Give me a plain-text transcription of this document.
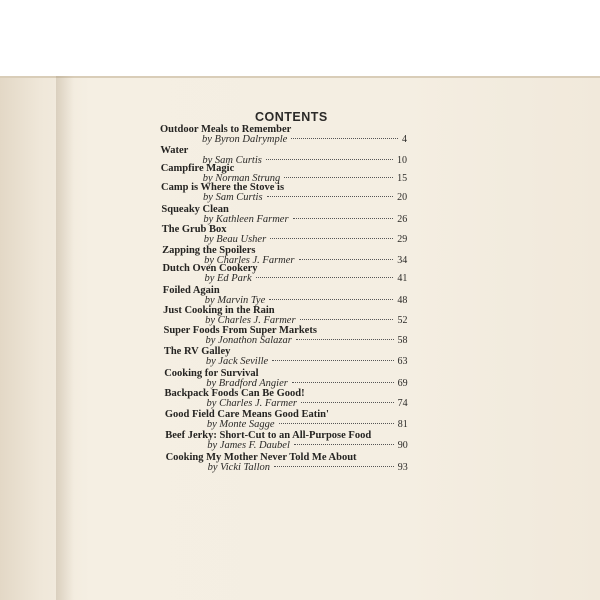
CONTENTS
Outdoor Meals to Remember
by Byron Dalrymple	4
Water
by Sam Curtis	10
Campfire Magic
by Norman Strung	15
Camp is Where the Stove is
by Sam Curtis	20
Squeaky Clean
by Kathleen Farmer	26
The Grub Box
by Beau Usher	29
Zapping the Spoilers
by Charles J. Farmer	34
Dutch Oven Cookery
by Ed Park	41
Foiled Again
by Marvin Tye	48
Just Cooking in the Rain
by Charles J. Farmer	52
Super Foods From Super Markets
by Jonathon Salazar	58
The RV Galley
by Jack Seville	63
Cooking for Survival
by Bradford Angier	69
Backpack Foods Can Be Good!
by Charles J. Farmer	74
Good Field Care Means Good Eatin'
by Monte Sagge	81
Beef Jerky: Short-Cut to an All-Purpose Food
by James F. Daubel	90
Cooking My Mother Never Told Me About
by Vicki Tallon	93
